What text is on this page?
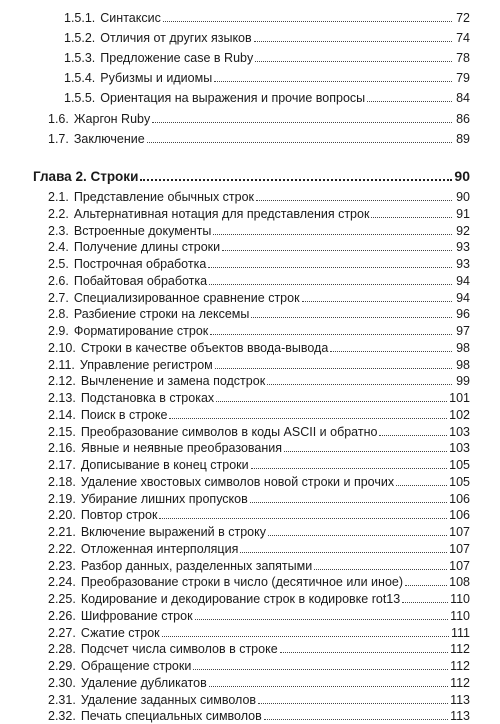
1.5.1. Синтаксис	72
1.5.2. Отличия от других языков	74
1.5.3. Предложение case в Ruby	78
1.5.4. Рубизмы и идиомы	79
1.5.5. Ориентация на выражения и прочие вопросы	84
1.6. Жаргон Ruby	86
1.7. Заключение	89
Глава 2. Строки	90
2.1. Представление обычных строк	90
2.2. Альтернативная нотация для представления строк	91
2.3. Встроенные документы	92
2.4. Получение длины строки	93
2.5. Построчная обработка	93
2.6. Побайтовая обработка	94
2.7. Специализированное сравнение строк	94
2.8. Разбиение строки на лексемы	96
2.9. Форматирование строк	97
2.10. Строки в качестве объектов ввода-вывода	98
2.11. Управление регистром	98
2.12. Вычленение и замена подстрок	99
2.13. Подстановка в строках	101
2.14. Поиск в строке	102
2.15. Преобразование символов в коды ASCII и обратно	103
2.16. Явные и неявные преобразования	103
2.17. Дописывание в конец строки	105
2.18. Удаление хвостовых символов новой строки и прочих	105
2.19. Убирание лишних пропусков	106
2.20. Повтор строк	106
2.21. Включение выражений в строку	107
2.22. Отложенная интерполяция	107
2.23. Разбор данных, разделенных запятыми	107
2.24. Преобразование строки в число (десятичное или иное)	108
2.25. Кодирование и декодирование строк в кодировке rot13	110
2.26. Шифрование строк	110
2.27. Сжатие строк	111
2.28. Подсчет числа символов в строке	112
2.29. Обращение строки	112
2.30. Удаление дубликатов	112
2.31. Удаление заданных символов	113
2.32. Печать специальных символов	113
